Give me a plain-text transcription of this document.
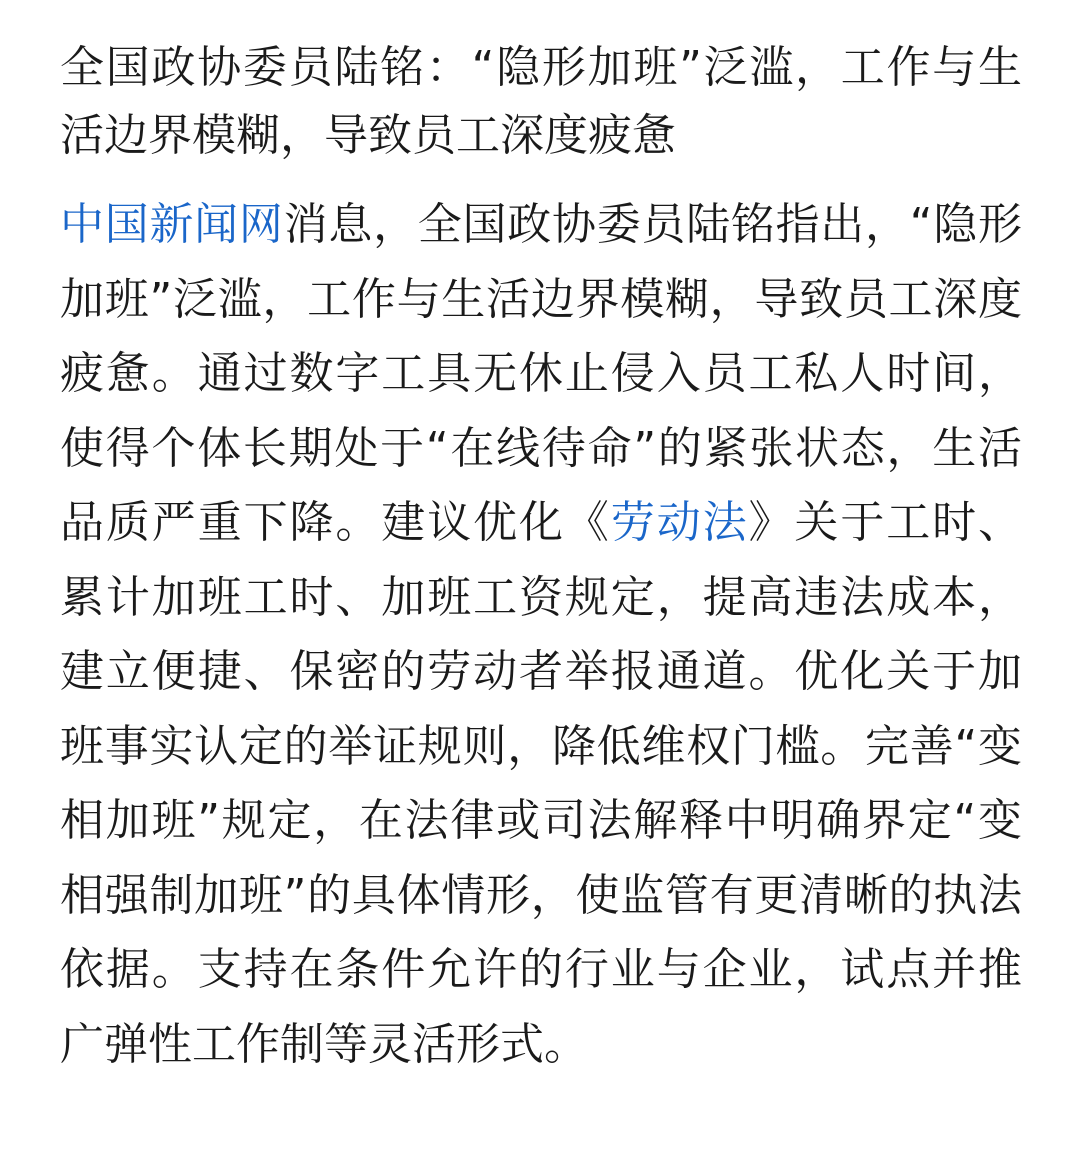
全国政协委员陆铭：“隐形加班”泛滥，工作与生活边界模糊，导致员工深度疲惫

中国新闻网消息，全国政协委员陆铭指出，“隐形加班”泛滥，工作与生活边界模糊，导致员工深度疲惫。通过数字工具无休止侵入员工私人时间，使得个体长期处于“在线待命”的紧张状态，生活品质严重下降。建议优化《劳动法》关于工时、累计加班工时、加班工资规定，提高违法成本，建立便捷、保密的劳动者举报通道。优化关于加班事实认定的举证规则，降低维权门槛。完善“变相加班”规定，在法律或司法解释中明确界定“变相强制加班”的具体情形，使监管有更清晰的执法依据。支持在条件允许的行业与企业，试点并推广弹性工作制等灵活形式。
